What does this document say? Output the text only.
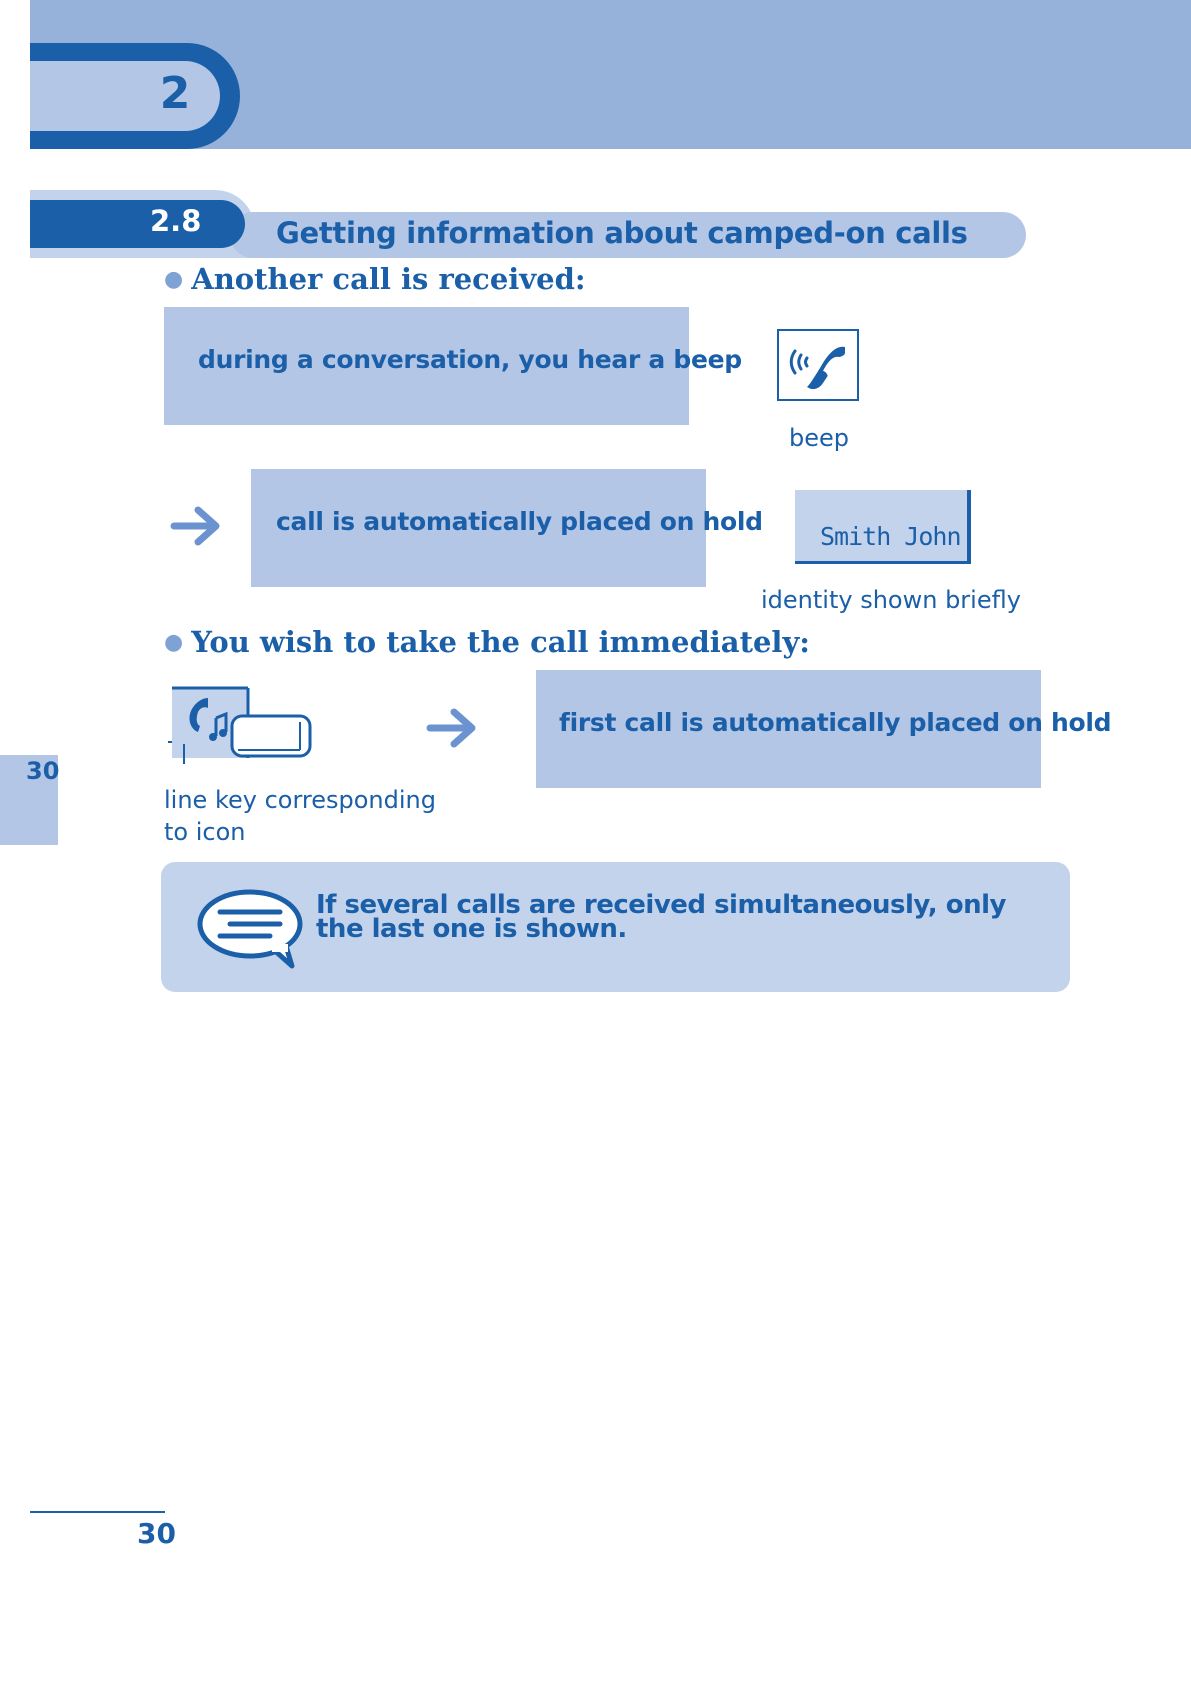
2
2.8	Getting information about camped-on calls
● Another call is received:
during a conversation, you hear a beep
beep
call is automatically placed on hold
Smith John
identity shown briefly
● You wish to take the call immediately:
line key corresponding
to icon
first call is automatically placed on hold
30
If several calls are received simultaneously, only the last one is shown.
30
